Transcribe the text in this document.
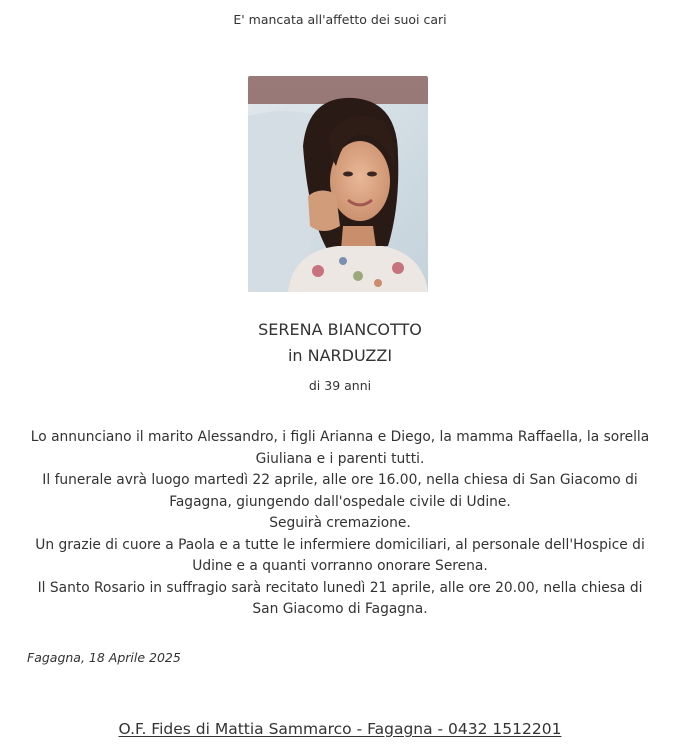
E' mancata all'affetto dei suoi cari
SERENA BIANCOTTO
in NARDUZZI
di 39 anni

Lo annunciano il marito Alessandro, i figli Arianna e Diego, la mamma Raffaella, la sorella Giuliana e i parenti tutti.

Il funerale avrà luogo martedì 22 aprile, alle ore 16.00, nella chiesa di San Giacomo di Fagagna, giungendo dall'ospedale civile di Udine.

Seguirà cremazione.

Un grazie di cuore a Paola e a tutte le infermiere domiciliari, al personale dell'Hospice di Udine e a quanti vorranno onorare Serena.

Il Santo Rosario in suffragio sarà recitato lunedì 21 aprile, alle ore 20.00, nella chiesa di San Giacomo di Fagagna.

Fagagna, 18 Aprile 2025
O.F. Fides di Mattia Sammarco - Fagagna - 0432 1512201
